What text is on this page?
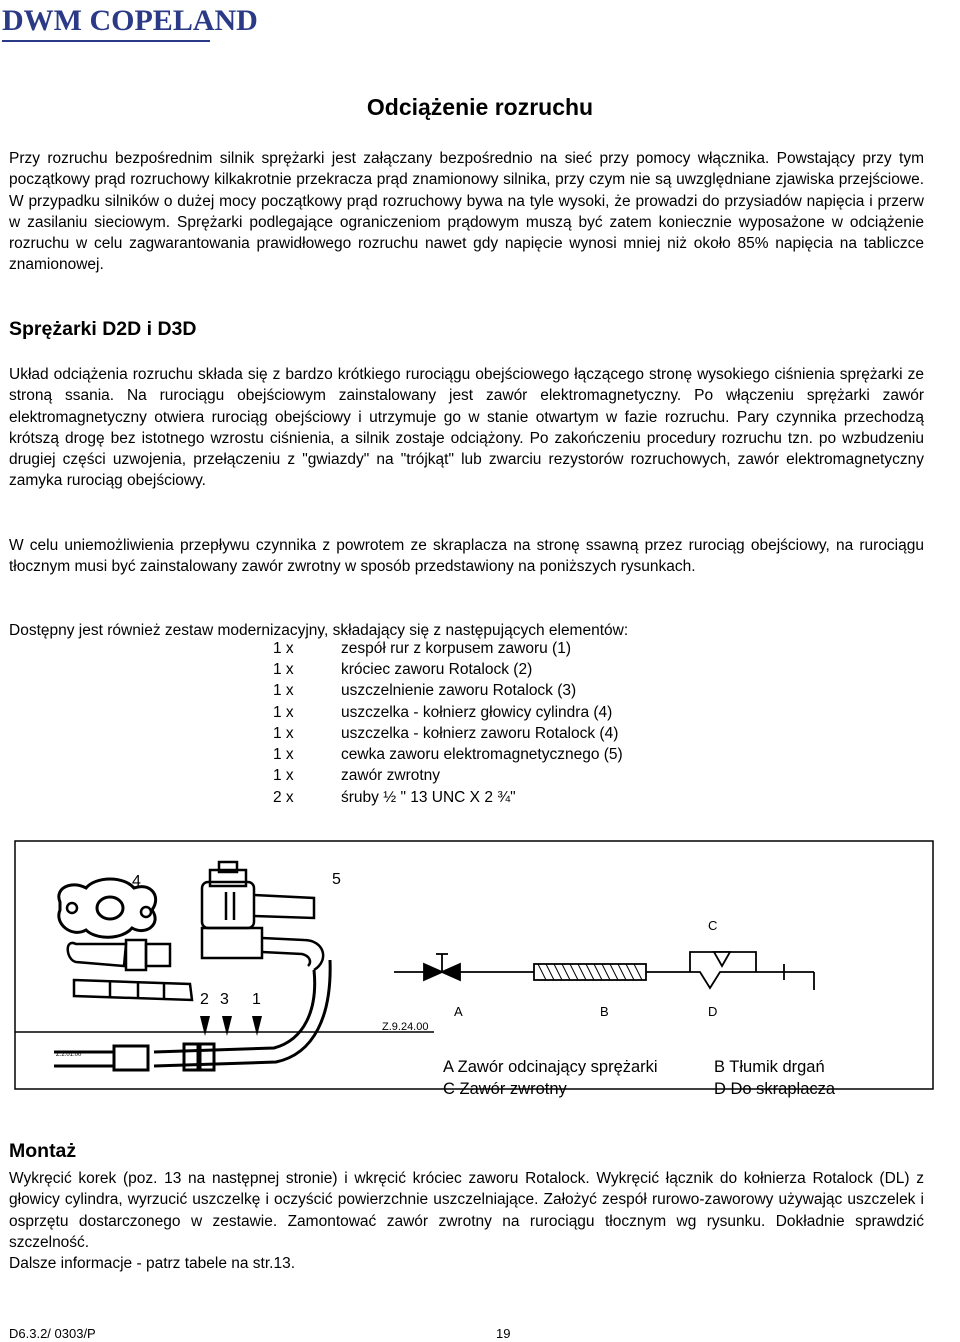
DWM COPELAND
Odciążenie rozruchu

Przy rozruchu bezpośrednim silnik sprężarki jest załączany bezpośrednio na sieć przy pomocy włącznika. Powstający przy tym początkowy prąd rozruchowy kilkakrotnie przekracza prąd znamionowy silnika, przy czym nie są uwzględniane zjawiska przejściowe. W przypadku silników o dużej mocy początkowy prąd rozruchowy bywa na tyle wysoki, że prowadzi do przysiadów napięcia i przerw w zasilaniu sieciowym. Sprężarki podlegające ograniczeniom prądowym muszą być zatem koniecznie wyposażone w odciążenie rozruchu w celu zagwarantowania prawidłowego rozruchu nawet gdy napięcie wynosi mniej niż około 85% napięcia na tabliczce znamionowej.

Sprężarki D2D i D3D

Układ odciążenia rozruchu składa się z bardzo krótkiego rurociągu obejściowego łączącego stronę wysokiego ciśnienia sprężarki ze stroną ssania. Na rurociągu obejściowym zainstalowany jest zawór elektromagnetyczny. Po włączeniu sprężarki zawór elektromagnetyczny otwiera rurociąg obejściowy i utrzymuje go w stanie otwartym w fazie rozruchu. Pary czynnika przechodzą krótszą drogę bez istotnego wzrostu ciśnienia, a silnik zostaje odciążony. Po zakończeniu procedury rozruchu tzn. po wzbudzeniu drugiej części uzwojenia, przełączeniu z "gwiazdy" na "trójkąt" lub zwarciu rezystorów rozruchowych, zawór elektromagnetyczny zamyka rurociąg obejściowy.

W celu uniemożliwienia przepływu czynnika z powrotem ze skraplacza na stronę ssawną przez rurociąg obejściowy, na rurociągu tłocznym musi być zainstalowany zawór zwrotny w sposób przedstawiony na poniższych rysunkach.

Dostępny jest również zestaw modernizacyjny, składający się z następujących elementów:

1 x	zespół rur z korpusem zaworu (1)
1 x	króciec zaworu Rotalock (2)
1 x	uszczelnienie zaworu Rotalock (3)
1 x	uszczelka - kołnierz głowicy cylindra (4)
1 x	uszczelka - kołnierz zaworu Rotalock (4)
1 x	cewka zaworu elektromagnetycznego (5)
1 x	zawór zwrotny
2 x	śruby ½ " 13 UNC X 2 ¾"
4	5
2 3 1
Z.9.24.00
Z.2.01.00
C
A	B	D
A Zawór odcinający sprężarki	B Tłumik drgań
C Zawór zwrotny	D Do skraplacza
Montaż

Wykręcić korek (poz. 13 na następnej stronie) i wkręcić króciec zaworu Rotalock. Wykręcić łącznik do kołnierza Rotalock (DL) z głowicy cylindra, wyrzucić uszczelkę i oczyścić powierzchnie uszczelniające. Założyć zespół rurowo-zaworowy używając uszczelek i osprzętu dostarczonego w zestawie. Zamontować zawór zwrotny na rurociągu tłocznym wg rysunku. Dokładnie sprawdzić szczelność.

Dalsze informacje - patrz tabele na str.13.

D6.3.2/ 0303/P	19
